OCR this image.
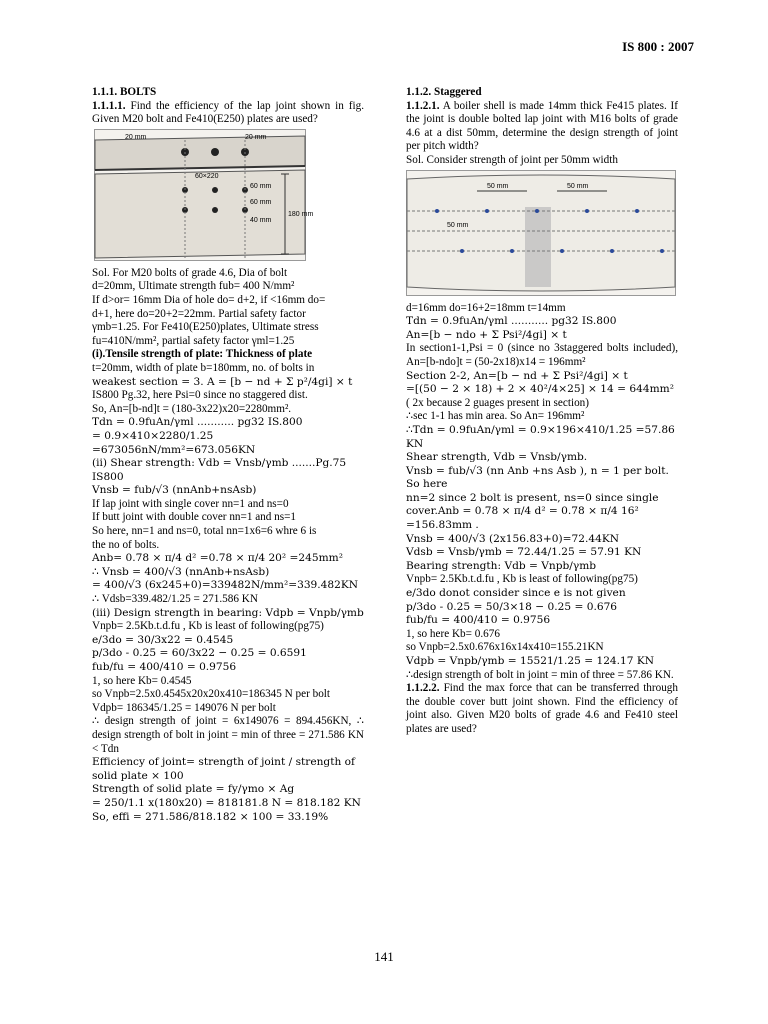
IS 800 : 2007

1.1.1. BOLTS

1.1.1.1. Find the efficiency of the lap joint shown in fig. Given M20 bolt and Fe410(E250) plates are used?

20 mm	20 mm
60 mm
60 mm
40 mm
180 mm
60×220

Sol. For M20 bolts of grade 4.6, Dia of bolt

d=20mm, Ultimate strength fub= 400 N/mm²

If d>or= 16mm Dia of hole do= d+2, if <16mm do=

d+1, here do=20+2=22mm. Partial safety factor

γmb=1.25. For Fe410(E250)plates, Ultimate stress

fu=410N/mm², partial safety factor γml=1.25

(i).Tensile strength of plate: Thickness of plate

t=20mm, width of plate b=180mm, no. of bolts in

weakest section = 3. A = [b − nd + Σ p²/4gi] × t

IS800 Pg.32, here Psi=0 since no staggered dist.

So, An=[b-nd]t = (180-3x22)x20=2280mm².

Tdn = 0.9fuAn/γml ........... pg32 IS.800

= 0.9×410×2280/1.25 =673056nN/mm²=673.056KN

(ii) Shear strength: Vdb = Vnsb/γmb .......Pg.75 IS800

Vnsb = fub/√3 (nnAnb+nsAsb)

If lap joint with single cover nn=1 and ns=0

If butt joint with double cover nn=1 and ns=1

So here, nn=1 and ns=0, total nn=1x6=6 whre 6 is

the no of bolts.

Anb= 0.78 × π/4 d² =0.78 × π/4 20² =245mm²

∴ Vnsb = 400/√3 (nnAnb+nsAsb)

= 400/√3 (6x245+0)=339482N/mm²=339.482KN

∴ Vdsb=339.482/1.25 = 271.586 KN

(iii) Design strength in bearing: Vdpb = Vnpb/γmb

Vnpb= 2.5Kb.t.d.fu , Kb is least of following(pg75)

e/3do = 30/3x22 = 0.4545

p/3do - 0.25 = 60/3x22 − 0.25 = 0.6591

fub/fu = 400/410 = 0.9756

1, so here Kb= 0.4545

so Vnpb=2.5x0.4545x20x20x410=186345 N per bolt

Vdpb= 186345/1.25 = 149076 N per bolt

∴ design strength of joint = 6x149076 = 894.456KN, ∴ design strength of bolt in joint = min of three = 271.586 KN < Tdn

Efficiency of joint= strength of joint / strength of solid plate × 100

Strength of solid plate = fy/γmo × Ag

= 250/1.1 x(180x20) = 818181.8 N = 818.182 KN

So, effi = 271.586/818.182 × 100 = 33.19%

1.1.2. Staggered

1.1.2.1. A boiler shell is made 14mm thick Fe415 plates. If the joint is double bolted lap joint with M16 bolts of grade 4.6 at a dist 50mm, determine the design strength of joint per pitch width?

Sol. Consider strength of joint per 50mm width

50 mm	50 mm
50 mm

d=16mm do=16+2=18mm t=14mm

Tdn = 0.9fuAn/γml ........... pg32 IS.800

An=[b − ndo + Σ Psi²/4gi] × t

In section1-1,Psi = 0 (since no 3staggered bolts included), An=[b-ndo]t = (50-2x18)x14 = 196mm²

Section 2-2, An=[b − nd + Σ Psi²/4gi] × t

=[(50 − 2 × 18) + 2 × 40²/4×25] × 14 = 644mm²

( 2x because 2 guages present in section)

∴sec 1-1 has min area. So An= 196mm²

∴Tdn = 0.9fuAn/γml = 0.9×196×410/1.25 =57.86 KN

Shear strength, Vdb = Vnsb/γmb.

Vnsb = fub/√3 (nn Anb +ns Asb ), n = 1 per bolt. So here

nn=2 since 2 bolt is present, ns=0 since single cover.Anb = 0.78 × π/4 d² = 0.78 × π/4 16² =156.83mm .

Vnsb = 400/√3 (2x156.83+0)=72.44KN

Vdsb = Vnsb/γmb = 72.44/1.25 = 57.91 KN

Bearing strength: Vdb = Vnpb/γmb

Vnpb= 2.5Kb.t.d.fu , Kb is least of following(pg75)

e/3do donot consider since e is not given

p/3do - 0.25 = 50/3×18 − 0.25 = 0.676

fub/fu = 400/410 = 0.9756

1, so here Kb= 0.676

so Vnpb=2.5x0.676x16x14x410=155.21KN

Vdpb = Vnpb/γmb = 15521/1.25 = 124.17 KN

∴design strength of bolt in joint = min of three = 57.86 KN.

1.1.2.2. Find the max force that can be transferred through the double cover butt joint shown. Find the efficiency of joint also. Given M20 bolts of grade 4.6 and Fe410 steel plates are used?

141
